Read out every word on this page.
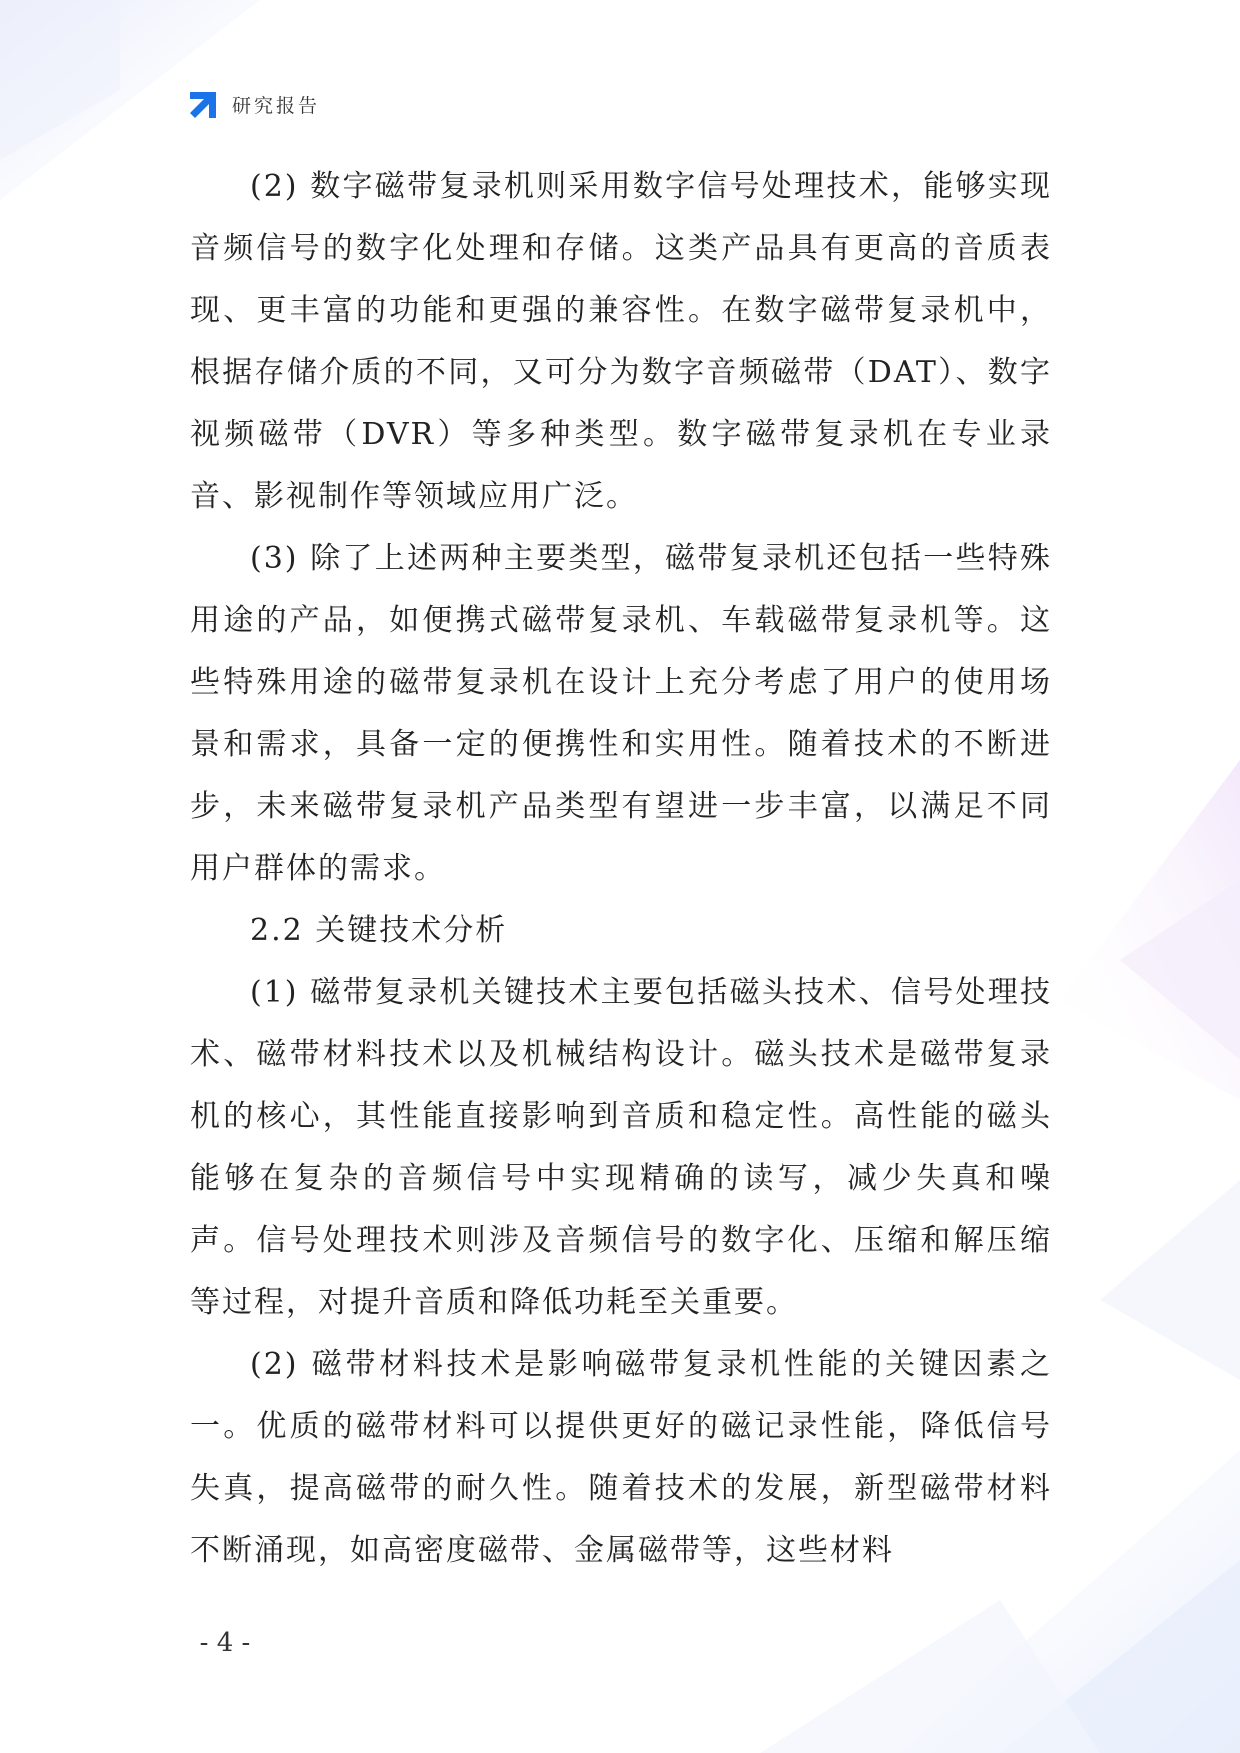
研究报告

(2) 数字磁带复录机则采用数字信号处理技术，能够实现音频信号的数字化处理和存储。这类产品具有更高的音质表现、更丰富的功能和更强的兼容性。在数字磁带复录机中，根据存储介质的不同，又可分为数字音频磁带（DAT）、数字视频磁带（DVR）等多种类型。数字磁带复录机在专业录音、影视制作等领域应用广泛。

(3) 除了上述两种主要类型，磁带复录机还包括一些特殊用途的产品，如便携式磁带复录机、车载磁带复录机等。这些特殊用途的磁带复录机在设计上充分考虑了用户的使用场景和需求，具备一定的便携性和实用性。随着技术的不断进步，未来磁带复录机产品类型有望进一步丰富，以满足不同用户群体的需求。

2.2 关键技术分析

(1) 磁带复录机关键技术主要包括磁头技术、信号处理技术、磁带材料技术以及机械结构设计。磁头技术是磁带复录机的核心，其性能直接影响到音质和稳定性。高性能的磁头能够在复杂的音频信号中实现精确的读写，减少失真和噪声。信号处理技术则涉及音频信号的数字化、压缩和解压缩等过程，对提升音质和降低功耗至关重要。

(2) 磁带材料技术是影响磁带复录机性能的关键因素之一。优质的磁带材料可以提供更好的磁记录性能，降低信号失真，提高磁带的耐久性。随着技术的发展，新型磁带材料不断涌现，如高密度磁带、金属磁带等，这些材料

- 4 -
